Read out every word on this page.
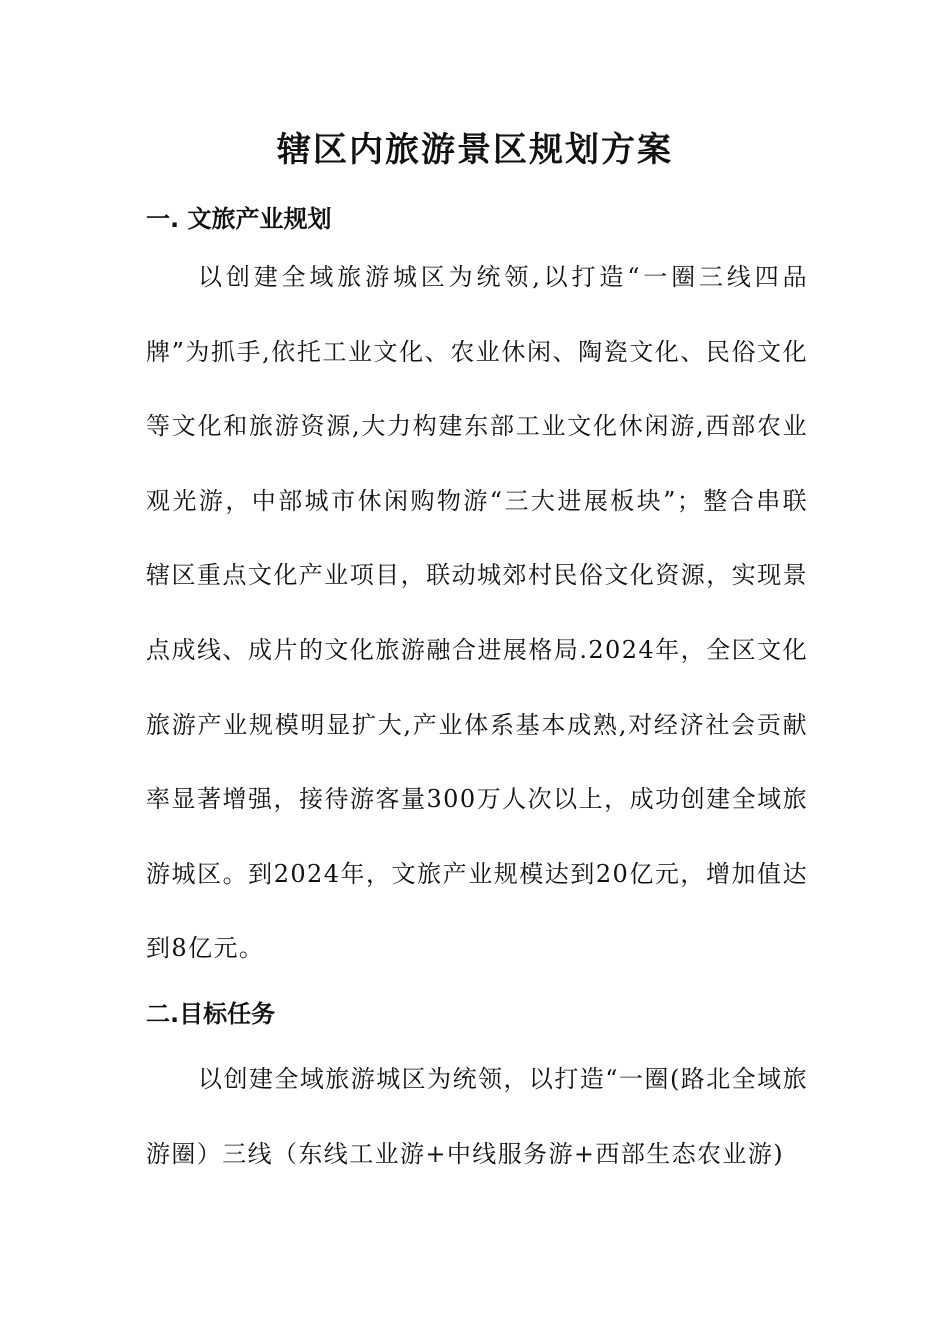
辖区内旅游景区规划方案
一. 文旅产业规划

以创建全域旅游城区为统领,以打造“一圈三线四品牌”为抓手,依托工业文化、农业休闲、陶瓷文化、民俗文化等文化和旅游资源,大力构建东部工业文化休闲游,西部农业观光游，中部城市休闲购物游“三大进展板块”；整合串联辖区重点文化产业项目，联动城郊村民俗文化资源，实现景点成线、成片的文化旅游融合进展格局.2024年，全区文化旅游产业规模明显扩大,产业体系基本成熟,对经济社会贡献率显著增强，接待游客量300万人次以上，成功创建全域旅游城区。到2024年，文旅产业规模达到20亿元，增加值达到8亿元。

二.目标任务

以创建全域旅游城区为统领，以打造“一圈(路北全域旅游圈）三线（东线工业游+中线服务游+西部生态农业游)
